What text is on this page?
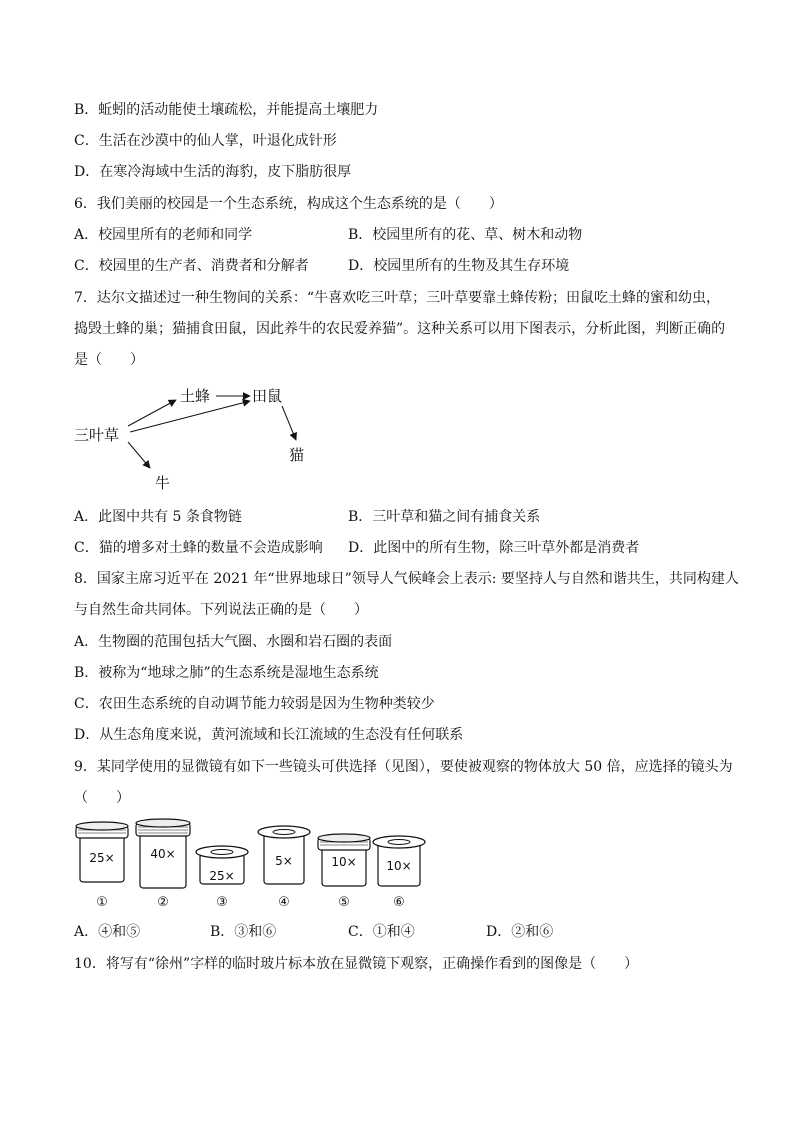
B．蚯蚓的活动能使土壤疏松，并能提高土壤肥力
C．生活在沙漠中的仙人掌，叶退化成针形
D．在寒冷海域中生活的海豹，皮下脂肪很厚
6．我们美丽的校园是一个生态系统，构成这个生态系统的是（　　）
A．校园里所有的老师和同学	B．校园里所有的花、草、树木和动物
C．校园里的生产者、消费者和分解者	D．校园里所有的生物及其生存环境
7．达尔文描述过一种生物间的关系：“牛喜欢吃三叶草；三叶草要靠土蜂传粉；田鼠吃土蜂的蜜和幼虫，
捣毁土蜂的巢；猫捕食田鼠，因此养牛的农民爱养猫”。这种关系可以用下图表示，分析此图，判断正确的
是（　　）
三叶草
土蜂	田鼠
猫
牛
A．此图中共有 5 条食物链	B．三叶草和猫之间有捕食关系
C．猫的增多对土蜂的数量不会造成影响 D．此图中的所有生物，除三叶草外都是消费者
8．国家主席习近平在 2021 年“世界地球日”领导人气候峰会上表示: 要坚持人与自然和谐共生，共同构建人
与自然生命共同体。下列说法正确的是（　　）
A．生物圈的范围包括大气圈、水圈和岩石圈的表面
B．被称为“地球之肺”的生态系统是湿地生态系统
C．农田生态系统的自动调节能力较弱是因为生物种类较少
D．从生态角度来说，黄河流域和长江流域的生态没有任何联系
9．某同学使用的显微镜有如下一些镜头可供选择（见图），要使被观察的物体放大 50 倍，应选择的镜头为
（　　）
25×
①
40×
②
25×
③
5×
④
10×
⑤
10×
⑥
A．④和⑤	B．③和⑥	C．①和④	D．②和⑥
10．将写有“徐州”字样的临时玻片标本放在显微镜下观察，正确操作看到的图像是（　　）
